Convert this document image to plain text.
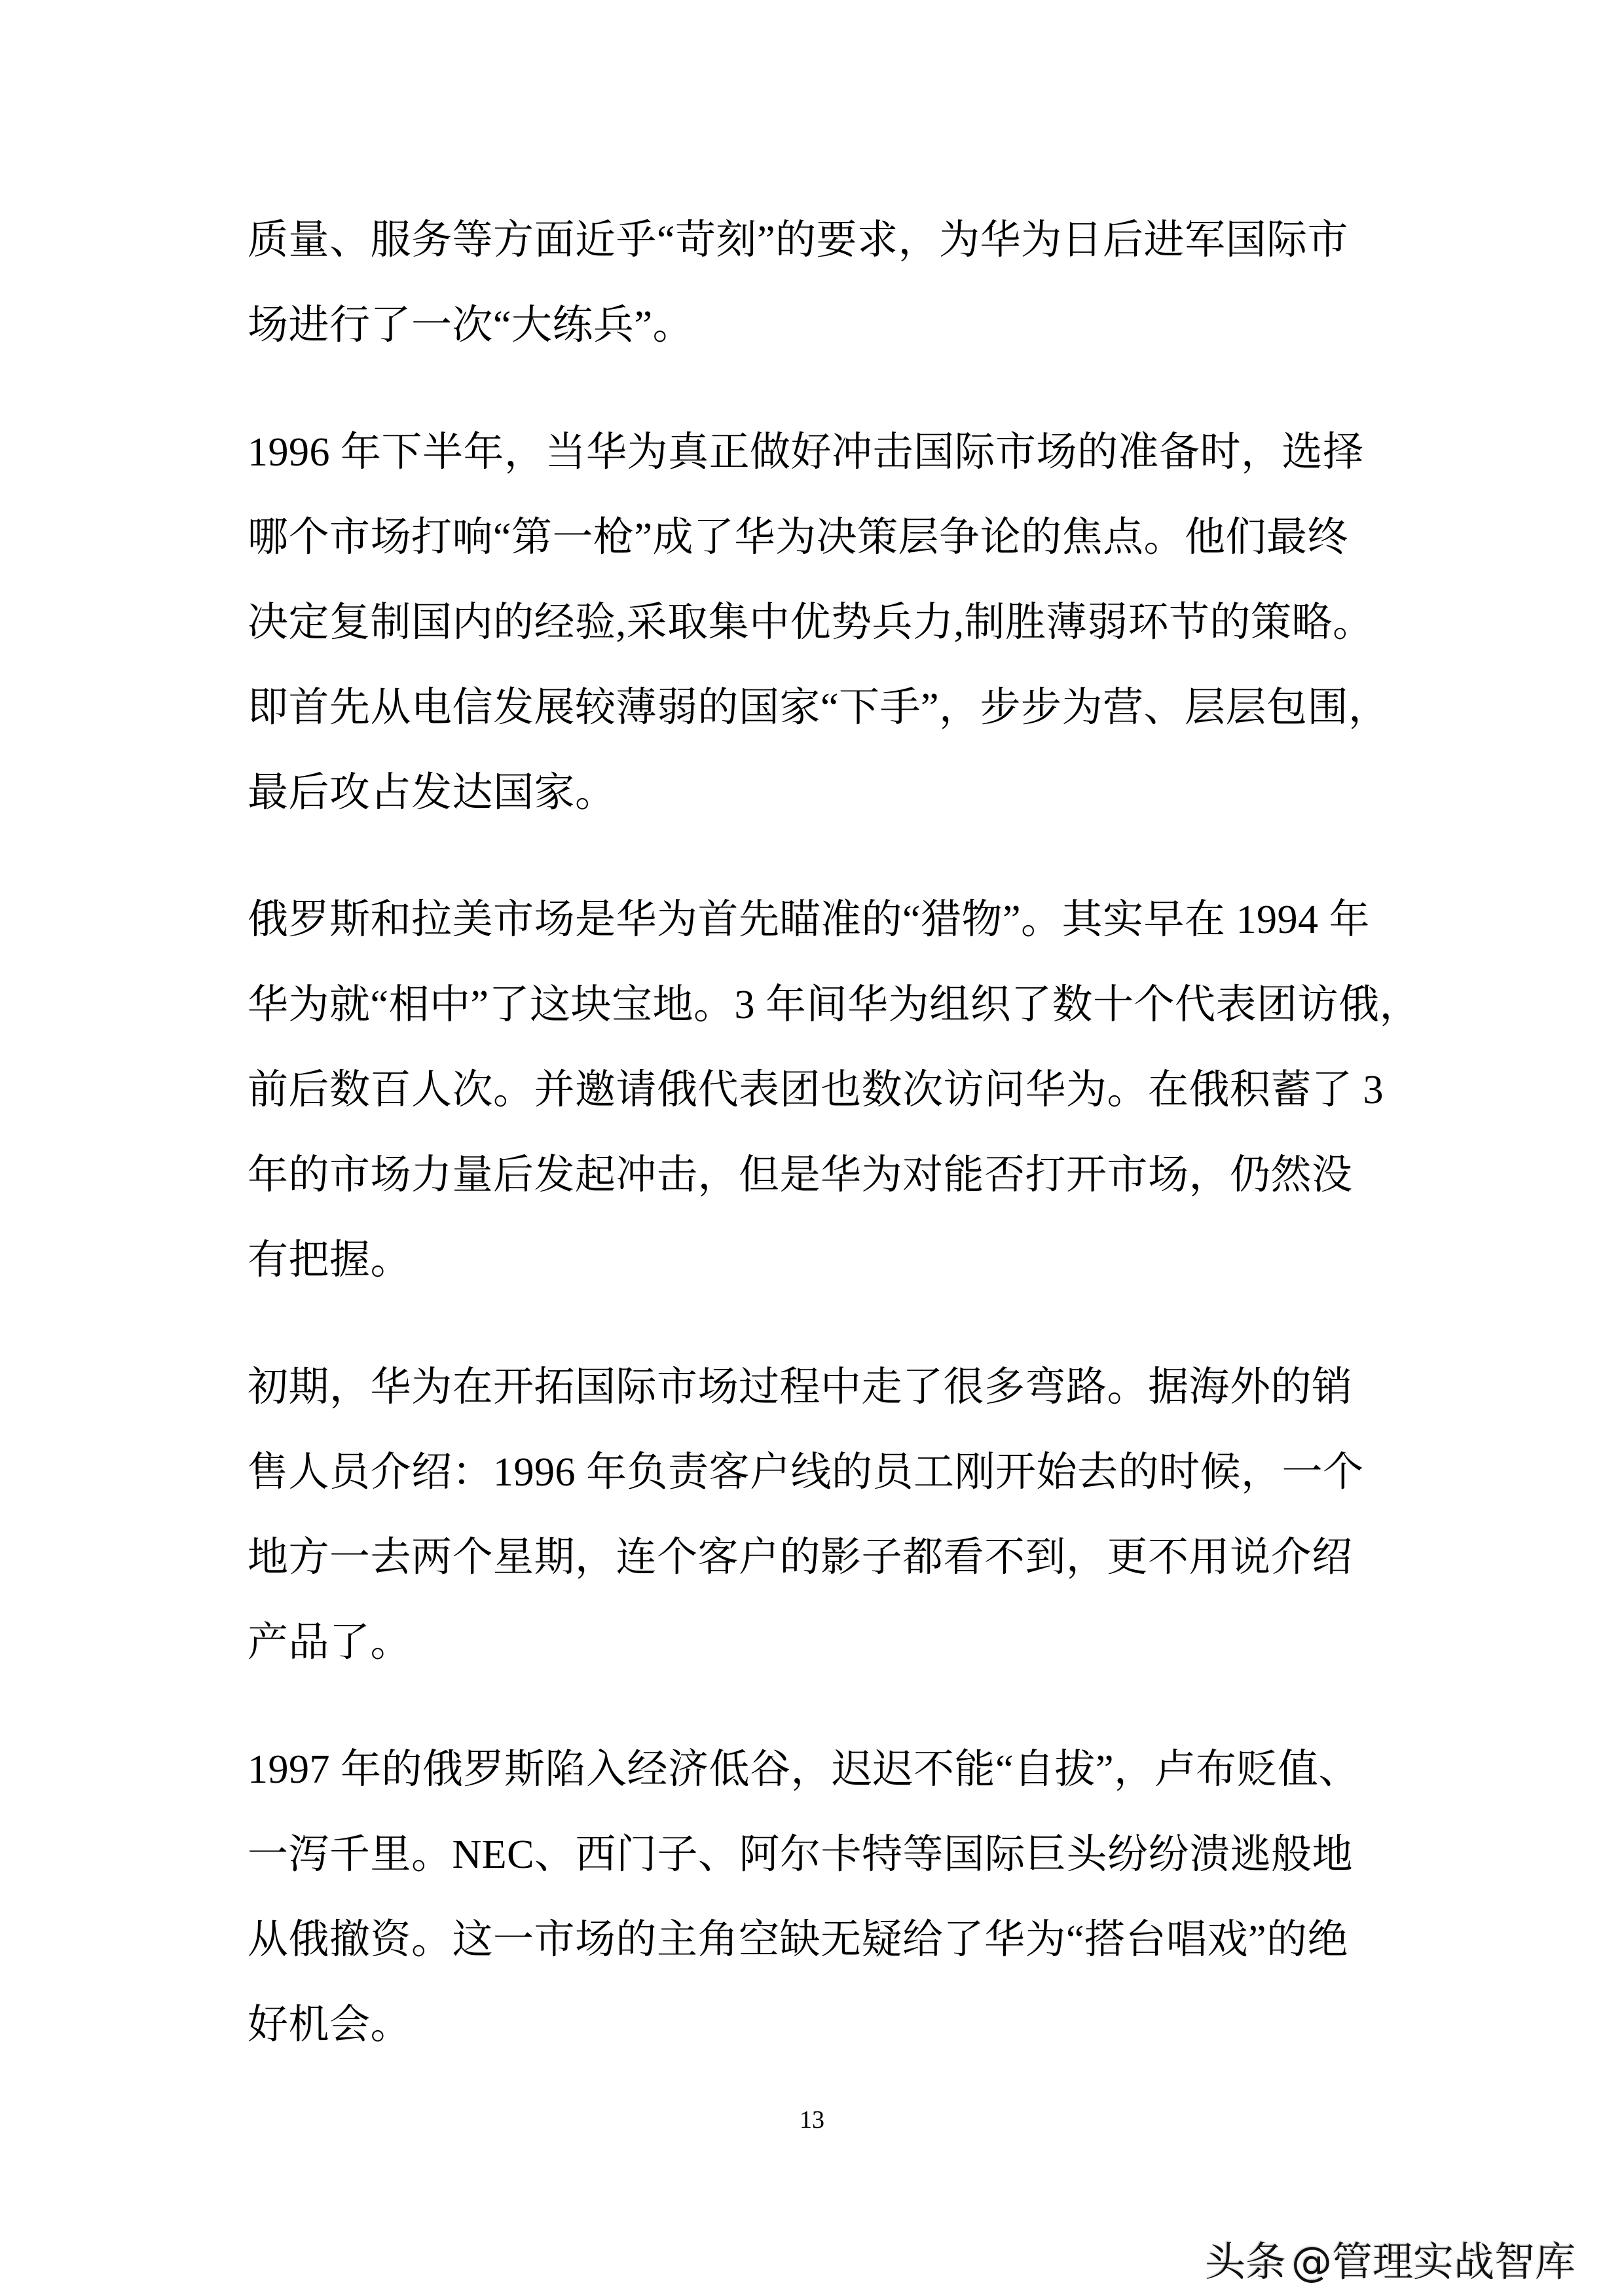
质量、服务等方面近乎“苛刻”的要求，为华为日后进军国际市
场进行了一次“大练兵”。
1996 年下半年，当华为真正做好冲击国际市场的准备时，选择
哪个市场打响“第一枪”成了华为决策层争论的焦点。他们最终
决定复制国内的经验,采取集中优势兵力,制胜薄弱环节的策略。
即首先从电信发展较薄弱的国家“下手”，步步为营、层层包围，
最后攻占发达国家。
俄罗斯和拉美市场是华为首先瞄准的“猎物”。其实早在 1994 年
华为就“相中”了这块宝地。3 年间华为组织了数十个代表团访俄，
前后数百人次。并邀请俄代表团也数次访问华为。在俄积蓄了 3
年的市场力量后发起冲击，但是华为对能否打开市场，仍然没
有把握。
初期，华为在开拓国际市场过程中走了很多弯路。据海外的销
售人员介绍：1996 年负责客户线的员工刚开始去的时候，一个
地方一去两个星期，连个客户的影子都看不到，更不用说介绍
产品了。
1997 年的俄罗斯陷入经济低谷，迟迟不能“自拔”，卢布贬值、
一泻千里。NEC、西门子、阿尔卡特等国际巨头纷纷溃逃般地
从俄撤资。这一市场的主角空缺无疑给了华为“搭台唱戏”的绝
好机会。
13
头条 @管理实战智库
